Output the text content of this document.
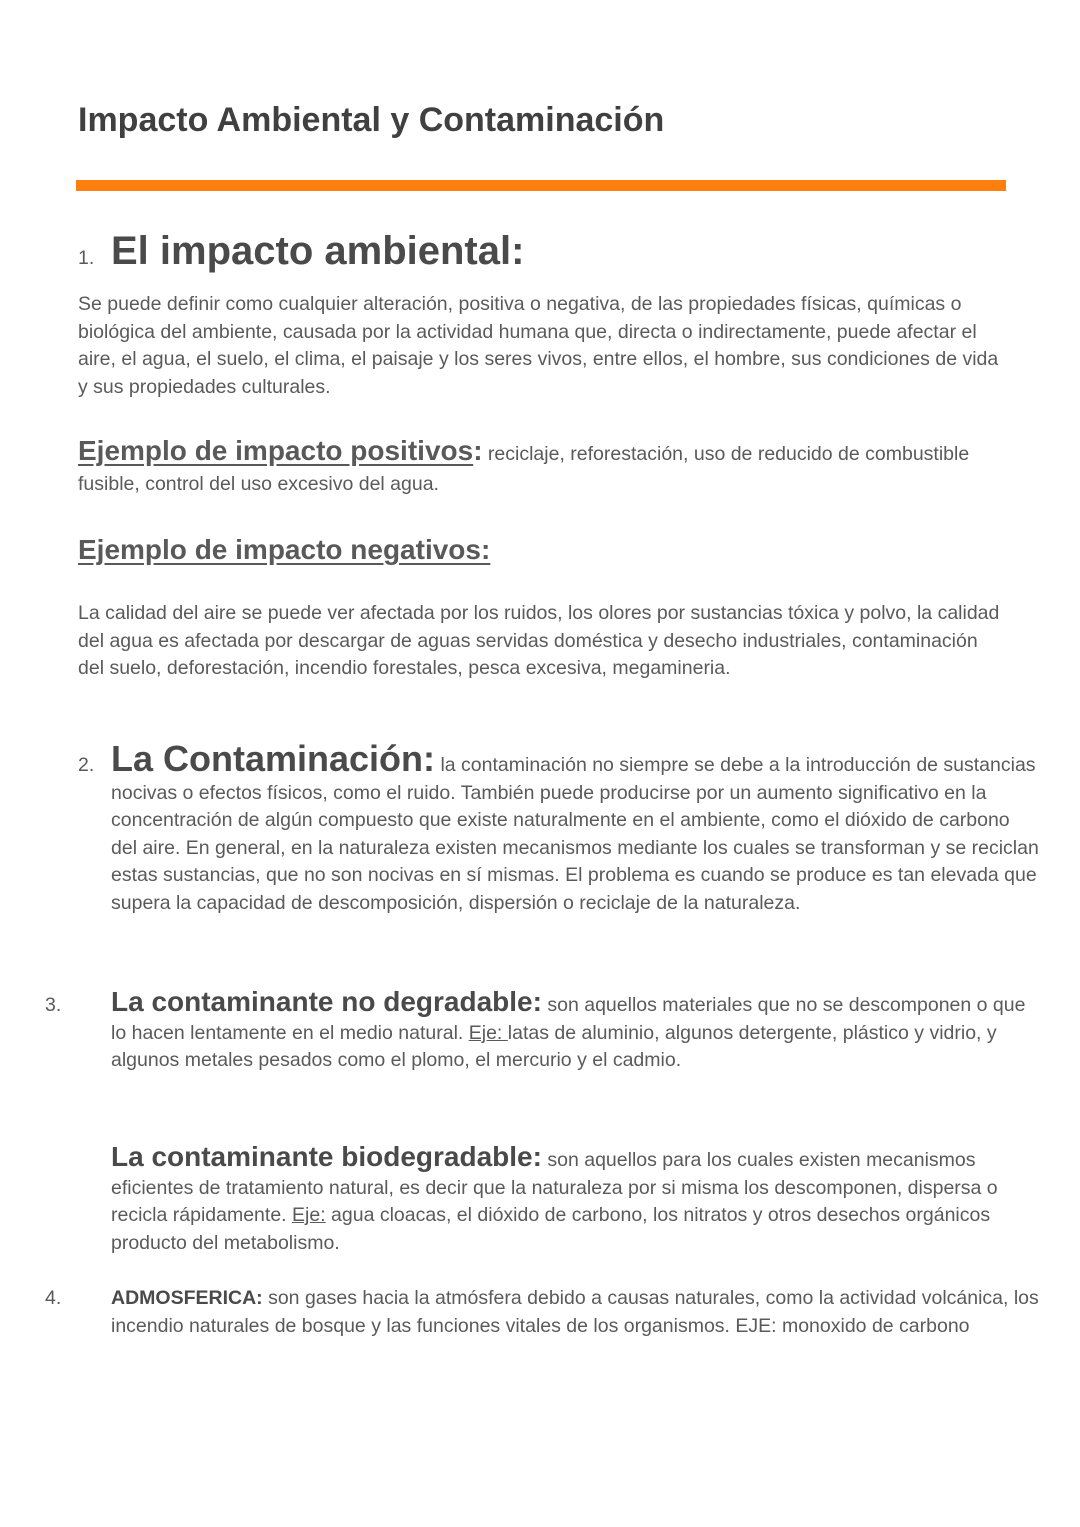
Impacto Ambiental y Contaminación
1. El impacto ambiental:

Se puede definir como cualquier alteración, positiva o negativa, de las propiedades físicas, químicas o biológica del ambiente, causada por la actividad humana que, directa o indirectamente, puede afectar el aire, el agua, el suelo, el clima, el paisaje y los seres vivos, entre ellos, el hombre, sus condiciones de vida y sus propiedades culturales.

Ejemplo de impacto positivos: reciclaje, reforestación, uso de reducido de combustible fusible, control del uso excesivo del agua.
Ejemplo de impacto negativos:

La calidad del aire se puede ver afectada por los ruidos, los olores por sustancias tóxica y polvo, la calidad del agua es afectada por descargar de aguas servidas doméstica y desecho industriales, contaminación del suelo, deforestación, incendio forestales, pesca excesiva, megamineria.

2. La Contaminación: la contaminación no siempre se debe a la introducción de sustancias nocivas o efectos físicos, como el ruido. También puede producirse por un aumento significativo en la concentración de algún compuesto que existe naturalmente en el ambiente, como el dióxido de carbono del aire. En general, en la naturaleza existen mecanismos mediante los cuales se transforman y se reciclan estas sustancias, que no son nocivas en sí mismas. El problema es cuando se produce es tan elevada que supera la capacidad de descomposición, dispersión o reciclaje de la naturaleza.
3. La contaminante no degradable: son aquellos materiales que no se descomponen o que lo hacen lentamente en el medio natural. Eje: latas de aluminio, algunos detergente, plástico y vidrio, y algunos metales pesados como el plomo, el mercurio y el cadmio.
La contaminante biodegradable: son aquellos para los cuales existen mecanismos eficientes de tratamiento natural, es decir que la naturaleza por si misma los descomponen, dispersa o recicla rápidamente. Eje: agua cloacas, el dióxido de carbono, los nitratos y otros desechos orgánicos producto del metabolismo.
4.	ADMOSFERICA: son gases hacia la atmósfera debido a causas naturales, como la actividad volcánica, los incendio naturales de bosque y las funciones vitales de los organismos. EJE: monoxido de carbono
